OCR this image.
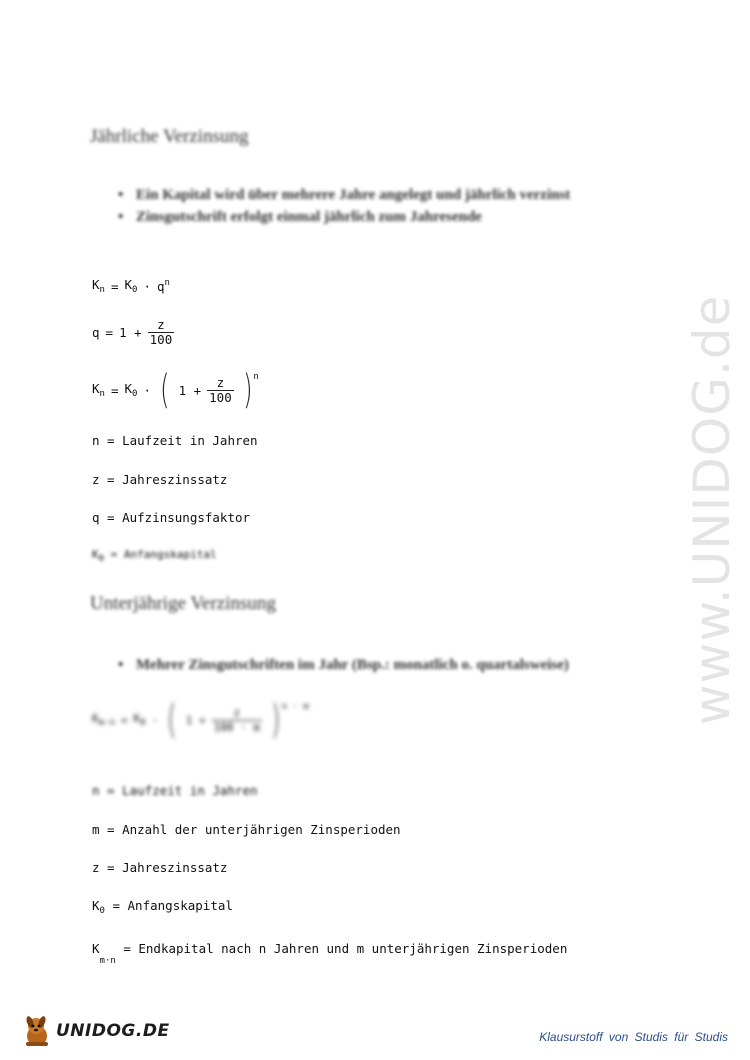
www.UNIDOG.de
Jährliche Verzinsung
• Ein Kapital wird über mehrere Jahre angelegt und jährlich verzinst
• Zinsgutschrift erfolgt einmal jährlich zum Jahresende
$K_n = K_0 \cdot q^n$
$q = 1 + \frac{z}{100}$
$K_n = K_0$ · ( $1 + \frac{z}{100} )^n$
n = Laufzeit in Jahren
z = Jahreszinssatz
q = Aufzinsungsfaktor
$K_0$ = Anfangskapital
Unterjährige Verzinsung
• Mehrer Zinsgutschriften im Jahr (Bsp.: monatlich o. quartalsweise)
$K_{m\cdot n} = K_0$ · ( $1 + \frac{z}{100 \cdot m} )^{n \cdot m}$
n = Laufzeit in Jahren
m = Anzahl der unterjährigen Zinsperioden
z = Jahreszinssatz
$K_0$ = Anfangskapital
$K_{m\cdot n}$ = Endkapital nach n Jahren und m unterjährigen Zinsperioden
UNIDOG.DE	Klausurstoff von Studis für Studis
